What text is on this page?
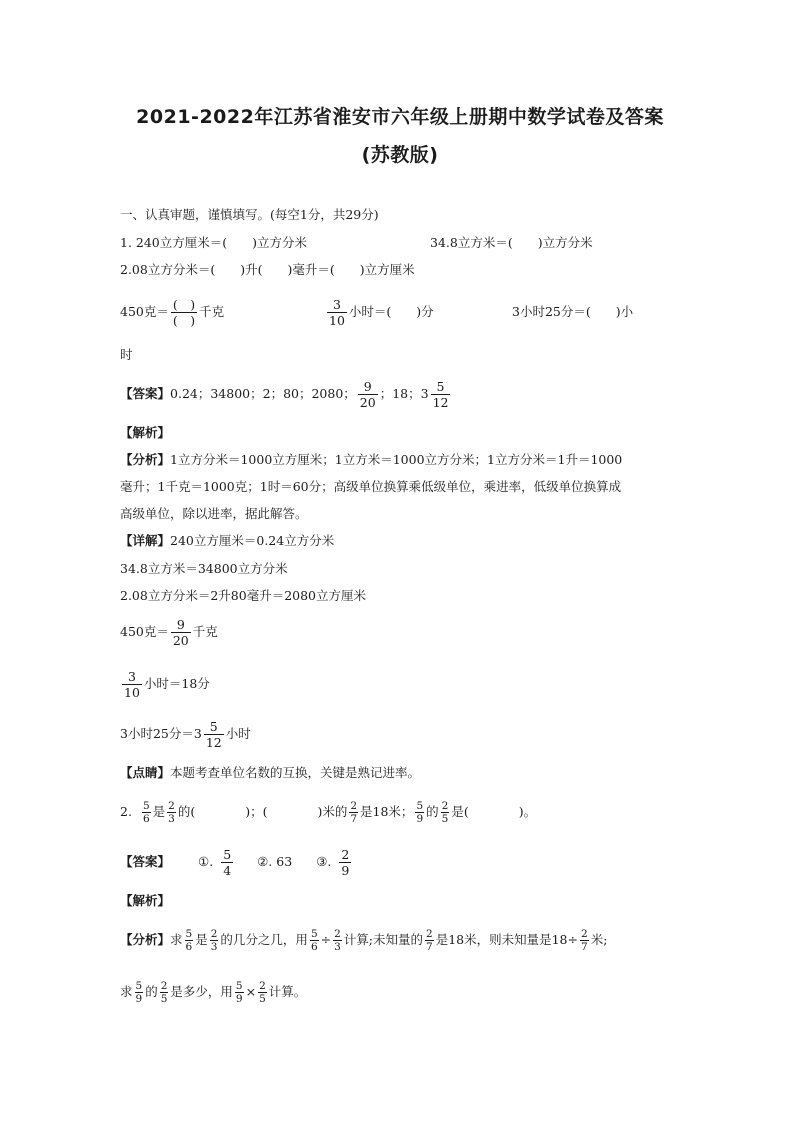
2021-2022年江苏省淮安市六年级上册期中数学试卷及答案
(苏教版)
一、认真审题，谨慎填写。(每空1分，共29分)
1. 240立方厘米＝(　　)立方分米	34.8立方米＝(　　)立方分米
2.08立方分米＝(　　)升(　　)毫升＝(　　)立方厘米
450克＝ $\frac{( )}{( )}$ 千克	$\frac{3}{10}$ 小时＝(　　)分	3小时25分＝(　　)小
时
【答案】 0.24；34800；2；80；2080； $\frac{9}{20}$ ；18；$3 \frac{5}{12}$
【解析】
【分析】1立方分米＝1000立方厘米；1立方米＝1000立方分米；1立方分米＝1升＝1000
毫升；1千克＝1000克；1时＝60分；高级单位换算乘低级单位，乘进率，低级单位换算成
高级单位，除以进率，据此解答。
【详解】240立方厘米＝0.24立方分米
34.8立方米＝34800立方分米
2.08立方分米＝2升80毫升＝2080立方厘米
450克＝ $\frac{9}{20}$ 千克
$\frac{3}{10}$ 小时＝18分
3小时25分$=3 \frac{5}{12}$ 小时
【点睛】本题考查单位名数的互换，关键是熟记进率。
2. $\frac{5}{6}$ 是 $\frac{2}{3}$ 的(　　　　)；(　　　　)米的 $\frac{2}{7}$ 是18米； $\frac{5}{9}$ 的 $\frac{2}{5}$ 是(　　　　)。
【答案】 ①. $\frac{5}{4}$ ②. 63 ③. $\frac{2}{9}$
【解析】
【分析】 求 $\frac{5}{6}$ 是 $\frac{2}{3}$ 的几分之几，用 $\frac{5}{6} \div \frac{2}{3}$ 计算;未知量的 $\frac{2}{7}$ 是18米，则未知量是$18\div \frac{2}{7}$ 米;
求 $\frac{5}{9}$ 的 $\frac{2}{5}$ 是多少，用 $\frac{5}{9} \times \frac{2}{5}$ 计算。
